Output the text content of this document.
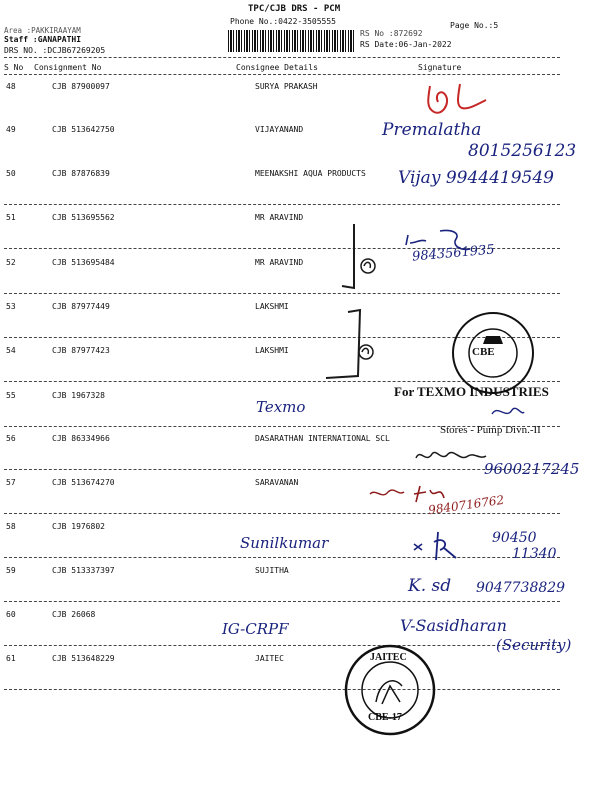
TPC/CJB DRS - PCM
Phone No.:0422-3505555
Area :PAKKIRAAYAM
Staff :GANAPATHI
DRS NO. :DCJB67269205
RS No :872692
Page No.:5
RS Date:06-Jan-2022
S No Consignment No	Consignee Details	Signature
48	CJB 87900097	SURYA PRAKASH
49	CJB 513642750	VIJAYANAND
50	CJB 87876839	MEENAKSHI AQUA PRODUCTS
51	CJB 513695562	MR ARAVIND
52	CJB 513695484	MR ARAVIND
53	CJB 87977449	LAKSHMI
54	CJB 87977423	LAKSHMI
55	CJB 1967328
56	CJB 86334966	DASARATHAN INTERNATIONAL SCL
57	CJB 513674270	SARAVANAN
58	CJB 1976802
59	CJB 513337397	SUJITHA
60	CJB 26068
61	CJB 513648229	JAITEC
Premalatha
8015256123
Vijay 9944419549
9843561935
CBE
For TEXMO INDUSTRIES
Stores - Pump Divn.-II
Texmo
9600217245
9840716762
Sunilkumar	90450
11340
K. sd 9047738829
IG-CRPF	V-Sasidharan
(Security)
JAITEC
CBE-17
